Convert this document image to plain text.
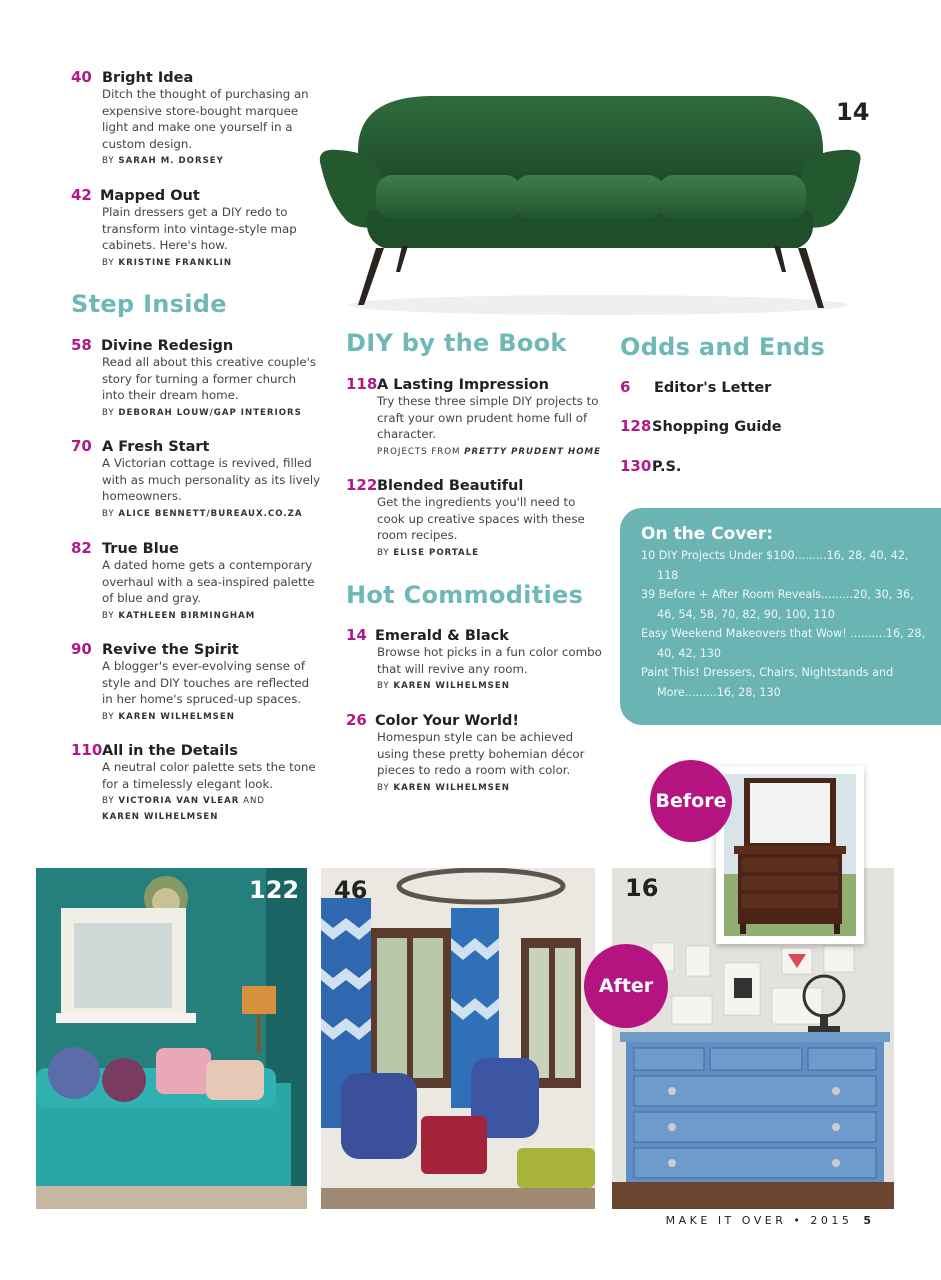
40 Bright Idea
Ditch the thought of purchasing an expensive store-bought marquee light and make one yourself in a custom design.
BY SARAH M. DORSEY
42 Mapped Out
Plain dressers get a DIY redo to transform into vintage-style map cabinets. Here's how.
BY KRISTINE FRANKLIN
14
Step Inside
58 Divine Redesign
Read all about this creative couple's story for turning a former church into their dream home.
BY DEBORAH LOUW/GAP INTERIORS
70 A Fresh Start
A Victorian cottage is revived, filled with as much personality as its lively homeowners.
BY ALICE BENNETT/BUREAUX.CO.ZA
82 True Blue
A dated home gets a contemporary overhaul with a sea-inspired palette of blue and gray.
BY KATHLEEN BIRMINGHAM
90 Revive the Spirit
A blogger's ever-evolving sense of style and DIY touches are reflected in her home's spruced-up spaces.
BY KAREN WILHELMSEN
110 All in the Details
A neutral color palette sets the tone for a timelessly elegant look.
BY VICTORIA VAN VLEAR AND
KAREN WILHELMSEN
DIY by the Book
118 A Lasting Impression
Try these three simple DIY projects to craft your own prudent home full of character.
PROJECTS FROM PRETTY PRUDENT HOME
122 Blended Beautiful
Get the ingredients you'll need to cook up creative spaces with these room recipes.
BY ELISE PORTALE
Hot Commodities
14 Emerald & Black
Browse hot picks in a fun color combo that will revive any room.
BY KAREN WILHELMSEN
26 Color Your World!
Homespun style can be achieved using these pretty bohemian décor pieces to redo a room with color.
BY KAREN WILHELMSEN
Odds and Ends
6	Editor's Letter
128 Shopping Guide
130 P.S.
On the Cover:
10 DIY Projects Under $100.........16, 28, 40, 42, 118
39 Before + After Room Reveals.........20, 30, 36, 46, 54, 58, 70, 82, 90, 100, 110
Easy Weekend Makeovers that Wow! ..........16, 28, 40, 42, 130
Paint This! Dressers, Chairs, Nightstands and More.........16, 28, 130
122 46	16
Before
After
MAKE IT OVER • 2015 5
